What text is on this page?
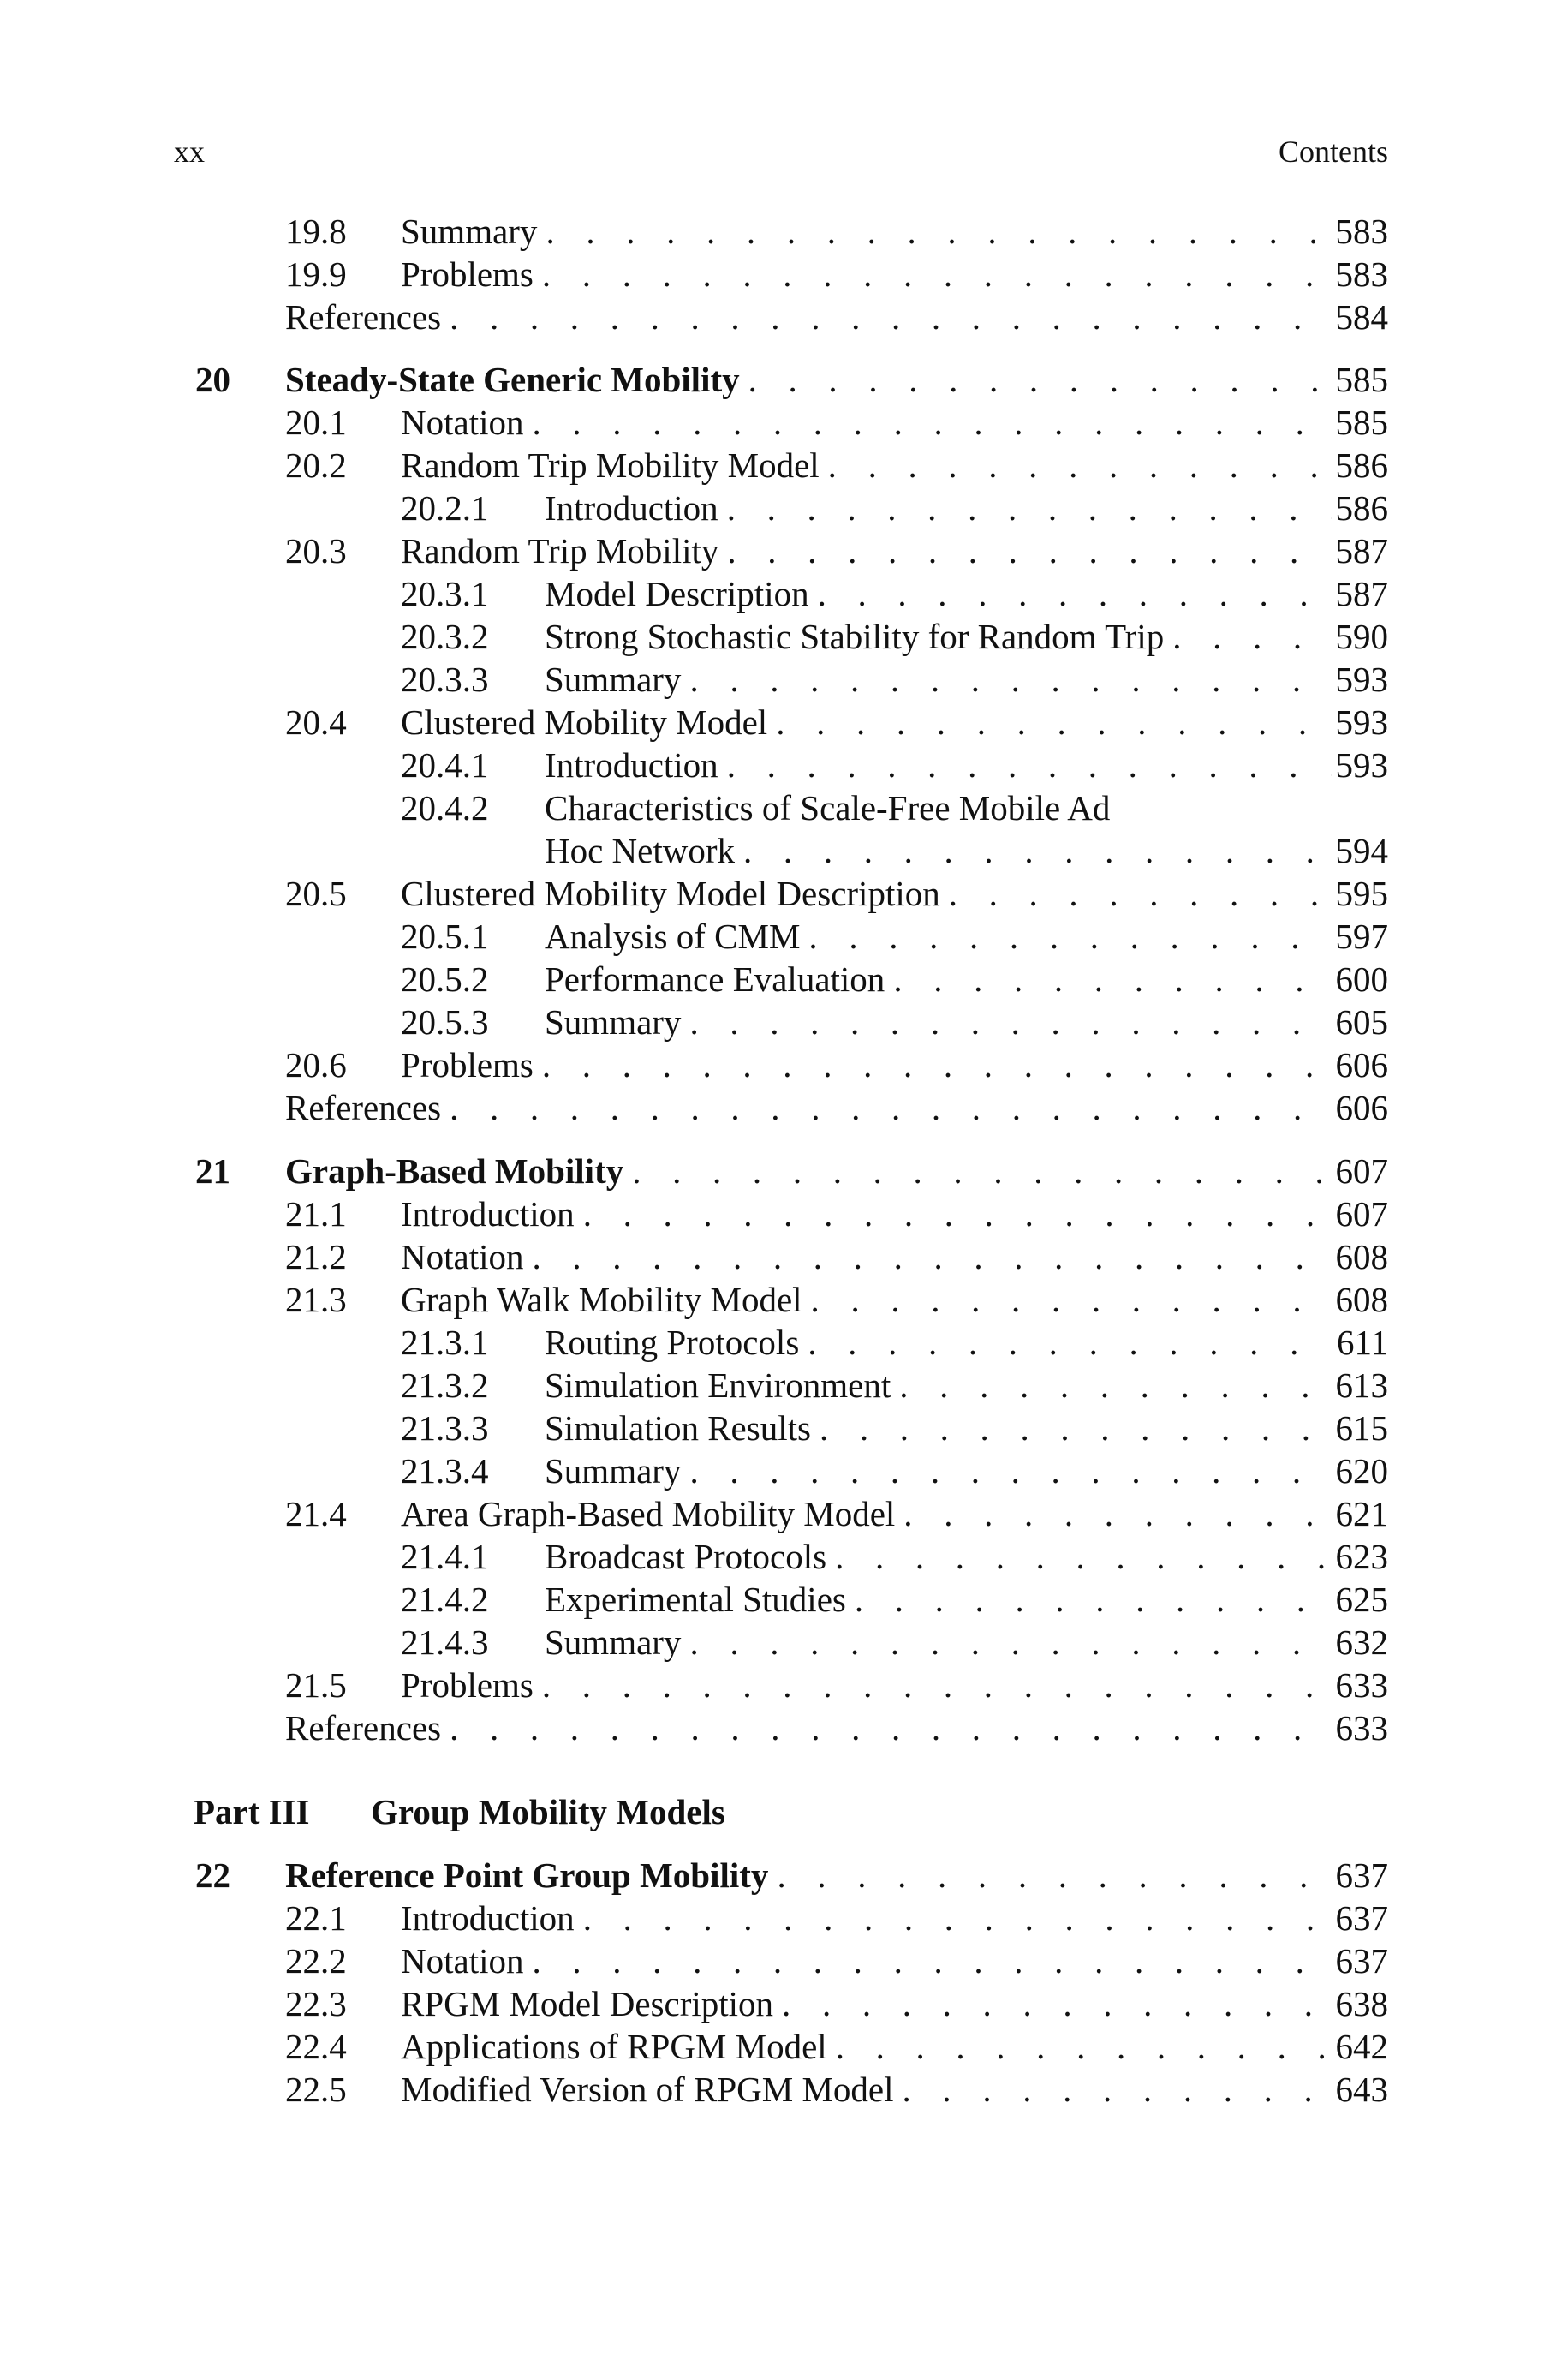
xx	Contents
19.8 Summary . . .	583
19.9 Problems . . .	583
References . . .	584
20 Steady-State Generic Mobility . . .	585
20.1 Notation . . .	585
20.2 Random Trip Mobility Model . . .	586
20.2.1 Introduction . . .	586
20.3 Random Trip Mobility . . .	587
20.3.1 Model Description . . .	587
20.3.2 Strong Stochastic Stability for Random Trip . . .	590
20.3.3 Summary . . .	593
20.4 Clustered Mobility Model . . .	593
20.4.1 Introduction . . .	593
20.4.2 Characteristics of Scale-Free Mobile Ad
Hoc Network . . .	594
20.5 Clustered Mobility Model Description . . .	595
20.5.1 Analysis of CMM . . .	597
20.5.2 Performance Evaluation . . .	600
20.5.3 Summary . . .	605
20.6 Problems . . .	606
References . . .	606
21 Graph-Based Mobility . . .	607
21.1 Introduction . . .	607
21.2 Notation . . .	608
21.3 Graph Walk Mobility Model . . .	608
21.3.1 Routing Protocols . . .	611
21.3.2 Simulation Environment . . .	613
21.3.3 Simulation Results . . .	615
21.3.4 Summary . . .	620
21.4 Area Graph-Based Mobility Model . . .	621
21.4.1 Broadcast Protocols . . .	623
21.4.2 Experimental Studies . . .	625
21.4.3 Summary . . .	632
21.5 Problems . . .	633
References . . .	633
Part III Group Mobility Models
22 Reference Point Group Mobility . . .	637
22.1 Introduction . . .	637
22.2 Notation . . .	637
22.3 RPGM Model Description . . .	638
22.4 Applications of RPGM Model . . .	642
22.5 Modified Version of RPGM Model . . .	643
